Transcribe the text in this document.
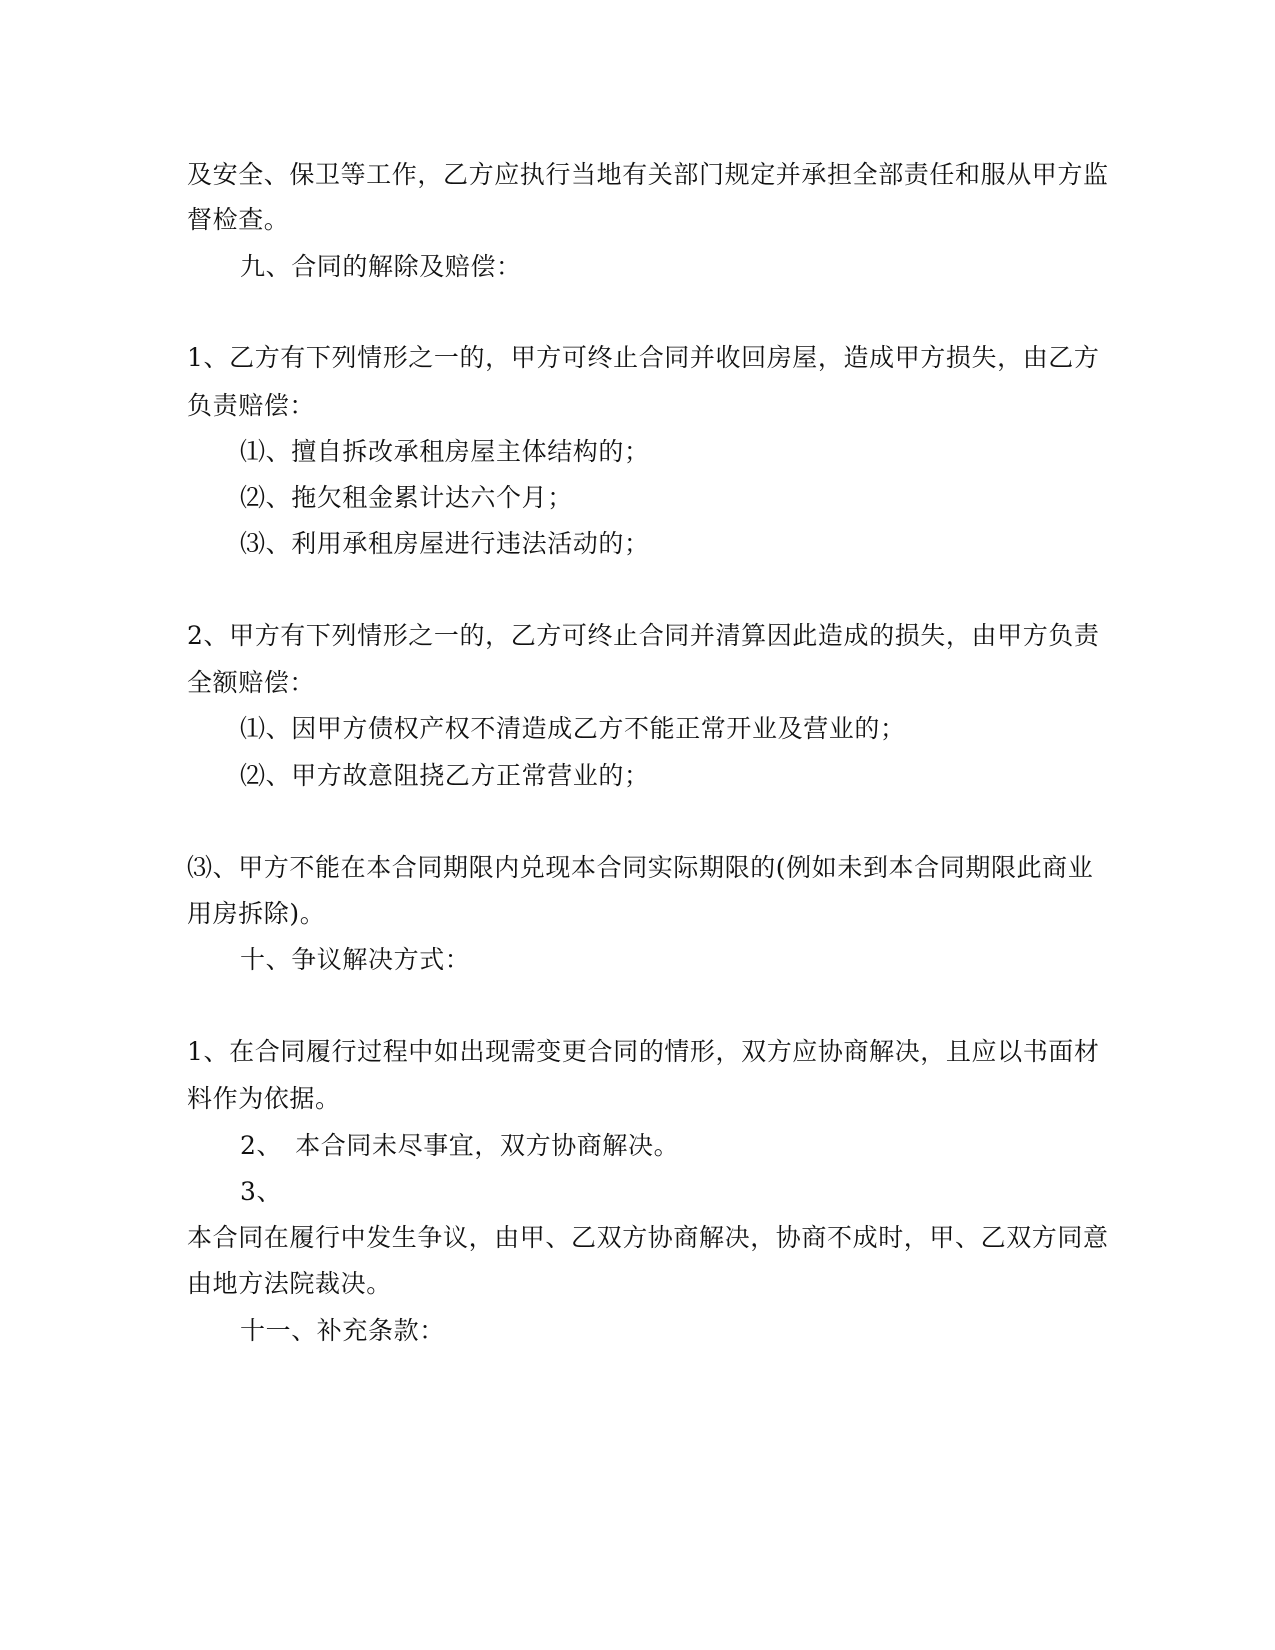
及安全、保卫等工作，乙方应执行当地有关部门规定并承担全部责任和服从甲方监
督检查。
九、合同的解除及赔偿：
1、乙方有下列情形之一的，甲方可终止合同并收回房屋，造成甲方损失，由乙方
负责赔偿：
⑴、擅自拆改承租房屋主体结构的；
⑵、拖欠租金累计达六个月；
⑶、利用承租房屋进行违法活动的；
2、甲方有下列情形之一的，乙方可终止合同并清算因此造成的损失，由甲方负责
全额赔偿：
⑴、因甲方债权产权不清造成乙方不能正常开业及营业的；
⑵、甲方故意阻挠乙方正常营业的；
⑶、甲方不能在本合同期限内兑现本合同实际期限的(例如未到本合同期限此商业
用房拆除)。
十、争议解决方式：
1、在合同履行过程中如出现需变更合同的情形，双方应协商解决，且应以书面材
料作为依据。
2、　本合同未尽事宜，双方协商解决。
3、
本合同在履行中发生争议，由甲、乙双方协商解决，协商不成时，甲、乙双方同意
由地方法院裁决。
十一、补充条款：
